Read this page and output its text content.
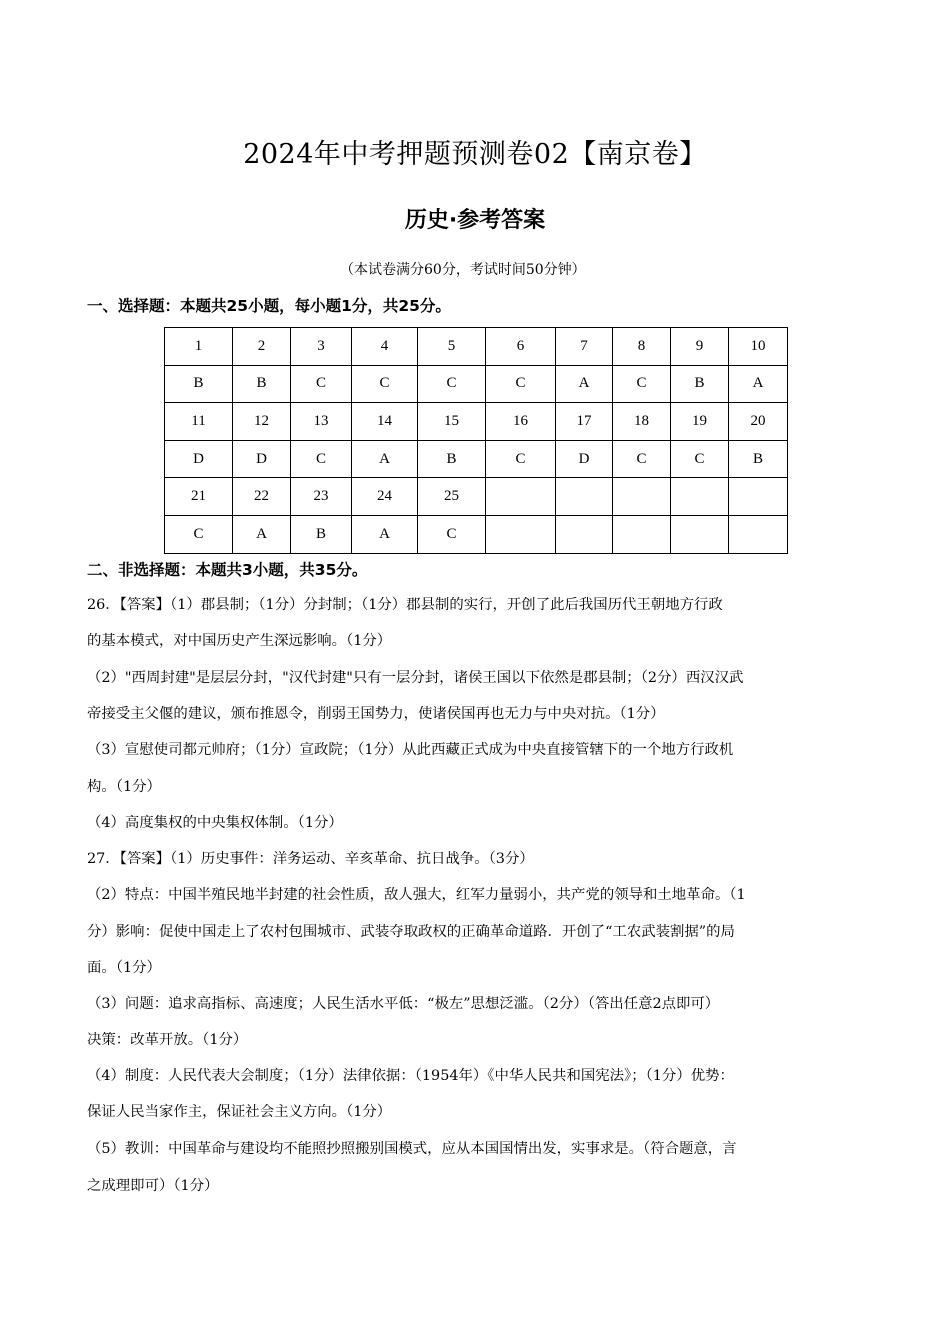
2024年中考押题预测卷02【南京卷】
历史·参考答案
（本试卷满分60分，考试时间50分钟）
一、选择题：本题共25小题，每小题1分，共25分。
1	2	3	4	5	6	7	8	9	10
B	B	C	C	C	C	A	C	B	A
11	12	13	14	15	16	17	18	19	20
D	D	C	A	B	C	D	C	C	B
21	22	23	24	25					
C	A	B	A	C					
二、非选择题：本题共3小题，共35分。
26．【答案】（1）郡县制；（1分）分封制；（1分）郡县制的实行，开创了此后我国历代王朝地方行政
的基本模式，对中国历史产生深远影响。（1分）
（2）"西周封建"是层层分封，"汉代封建"只有一层分封，诸侯王国以下依然是郡县制；（2分）西汉汉武
帝接受主父偃的建议，颁布推恩令，削弱王国势力，使诸侯国再也无力与中央对抗。（1分）
（3）宣慰使司都元帅府；（1分）宣政院；（1分）从此西藏正式成为中央直接管辖下的一个地方行政机
构。（1分）
（4）高度集权的中央集权体制。（1分）
27．【答案】（1）历史事件：洋务运动、辛亥革命、抗日战争。（3分）
（2）特点：中国半殖民地半封建的社会性质，敌人强大，红军力量弱小，共产党的领导和土地革命。（1
分）影响：促使中国走上了农村包围城市、武装夺取政权的正确革命道路．开创了“工农武装割据”的局
面。（1分）
（3）问题：追求高指标、高速度；人民生活水平低：“极左”思想泛滥。（2分）（答出任意2点即可）
决策：改革开放。（1分）
（4）制度：人民代表大会制度；（1分）法律依据：（1954年）《中华人民共和国宪法》；（1分）优势：
保证人民当家作主，保证社会主义方向。（1分）
（5）教训：中国革命与建设均不能照抄照搬别国模式，应从本国国情出发，实事求是。（符合题意，言
之成理即可）（1分）
